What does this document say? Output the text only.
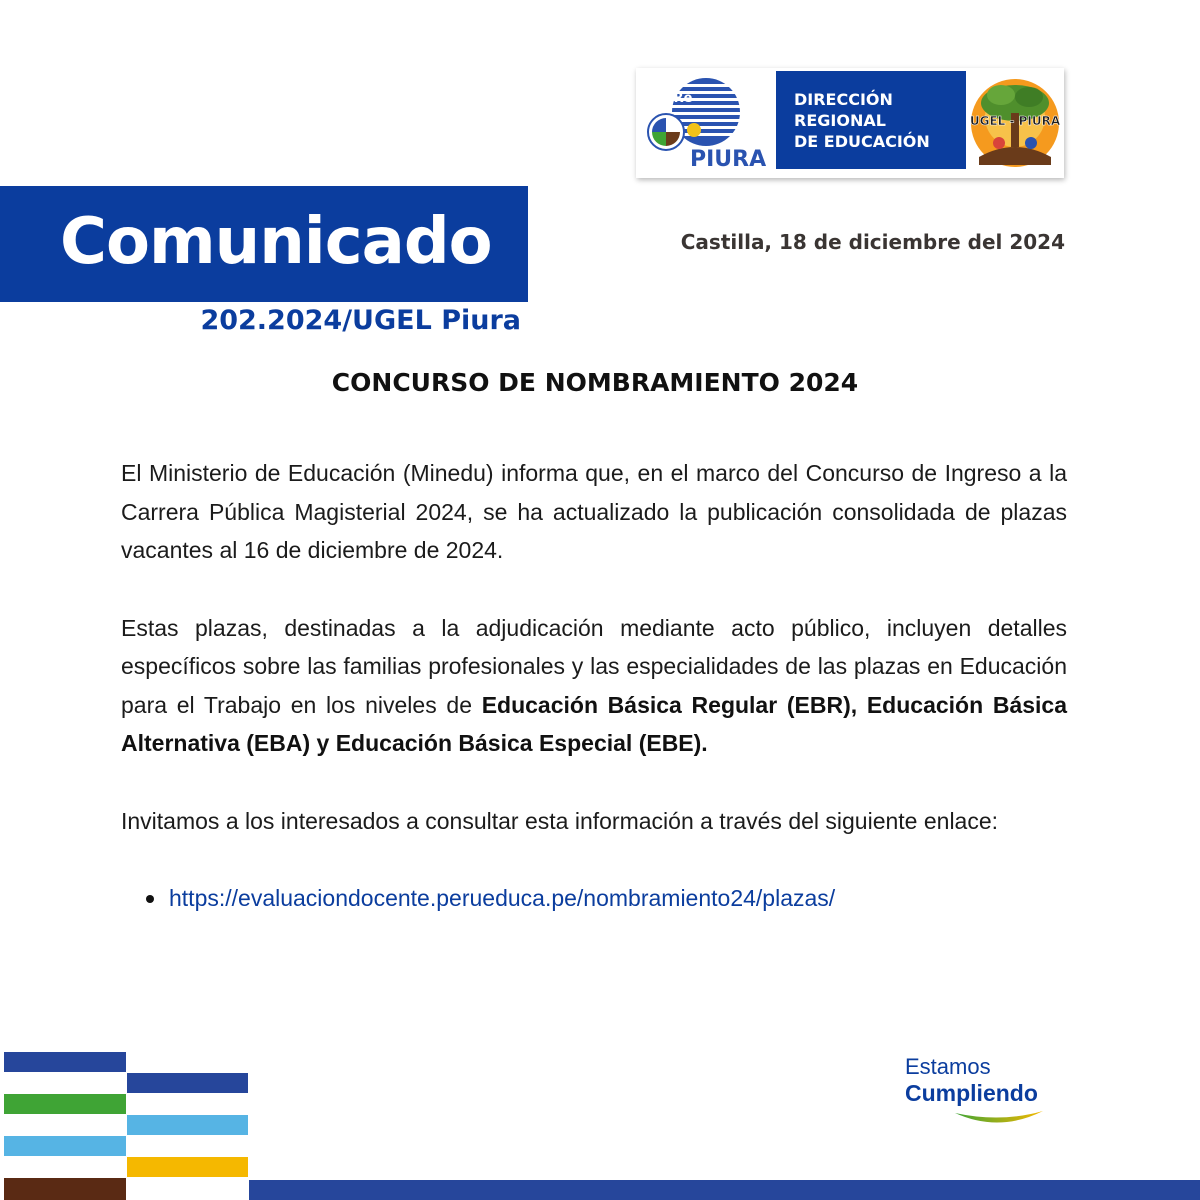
GoRe
PIURA
DIRECCIÓN
REGIONAL
DE EDUCACIÓN
UGEL - PIURA
Comunicado
202.2024/UGEL Piura
Castilla, 18 de diciembre del 2024
CONCURSO DE NOMBRAMIENTO 2024

El Ministerio de Educación (Minedu) informa que, en el marco del Concurso de Ingreso a la Carrera Pública Magisterial 2024, se ha actualizado la publicación consolidada de plazas vacantes al 16 de diciembre de 2024.

Estas plazas, destinadas a la adjudicación mediante acto público, incluyen detalles específicos sobre las familias profesionales y las especialidades de las plazas en Educación para el Trabajo en los niveles de Educación Básica Regular (EBR), Educación Básica Alternativa (EBA) y Educación Básica Especial (EBE).

Invitamos a los interesados a consultar esta información a través del siguiente enlace:

https://evaluaciondocente.perueduca.pe/nombramiento24/plazas/
Estamos
Cumpliendo
